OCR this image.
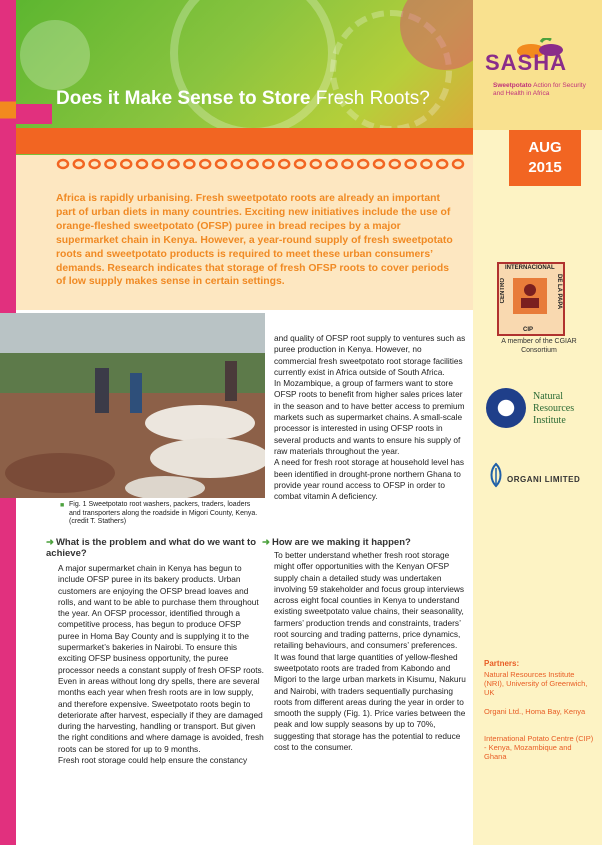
SASHA
Sweetpotato Action for Security and Health in Africa
Does it Make Sense to Store Fresh Roots?
AUG
2015
Africa is rapidly urbanising. Fresh sweetpotato roots are already an important part of urban diets in many countries. Exciting new initiatives include the use of orange-fleshed sweetpotato (OFSP) puree in bread recipes by a major supermarket chain in Kenya. However, a year-round supply of fresh sweetpotato roots and sweetpotato products is required to meet these urban consumers’ demands. Research indicates that storage of fresh OFSP roots to cover periods of low supply makes sense in certain settings.
■ Fig. 1 Sweetpotato root washers, packers, traders, loaders and transporters along the roadside in Migori County, Kenya. (credit T. Stathers)
➜ What is the problem and what do we want to achieve?

A major supermarket chain in Kenya has begun to include OFSP puree in its bakery products. Urban customers are enjoying the OFSP bread loaves and rolls, and want to be able to purchase them throughout the year. An OFSP processor, identified through a competitive process, has begun to produce OFSP puree in Homa Bay County and is supplying it to the supermarket’s bakeries in Nairobi. To ensure this exciting OFSP business opportunity, the puree processor needs a constant supply of fresh OFSP roots. Even in areas without long dry spells, there are several months each year when fresh roots are in low supply, and therefore expensive. Sweetpotato roots begin to deteriorate after harvest, especially if they are damaged during the harvesting, handling or transport. But given the right conditions and where damage is avoided, fresh roots can be stored for up to 9 months.

Fresh root storage could help ensure the constancy

and quality of OFSP root supply to ventures such as puree production in Kenya. However, no commercial fresh sweetpotato root storage facilities currently exist in Africa outside of South Africa.

In Mozambique, a group of farmers want to store OFSP roots to benefit from higher sales prices later in the season and to have better access to premium markets such as supermarket chains. A small-scale processor is interested in using OFSP roots in several products and wants to ensure his supply of raw materials throughout the year.

A need for fresh root storage at household level has been identified in drought-prone northern Ghana to provide year round access to OFSP in order to combat vitamin A deficiency.

➜ How are we making it happen?

To better understand whether fresh root storage might offer opportunities with the Kenyan OFSP supply chain a detailed study was undertaken involving 59 stakeholder and focus group interviews across eight focal counties in Kenya to understand existing sweetpotato value chains, their seasonality, farmers’ production trends and constraints, traders’ root sourcing and trading patterns, price dynamics, retailing behaviours, and consumers’ preferences.

It was found that large quantities of yellow-fleshed sweetpotato roots are traded from Kabondo and Migori to the large urban markets in Kisumu, Nakuru and Nairobi, with traders sequentially purchasing roots from different areas during the year in order to smooth the supply (Fig. 1). Price varies between the peak and low supply seasons by up to 70%, suggesting that storage has the potential to reduce cost to the consumer.

INTERNACIONAL
CENTRO	DE LA PAPA
CIP
A member of the CGIAR Consortium
Natural
Resources
Institute
ORGANI LIMITED
Partners:
Natural Resources Institute (NRI), University of Greenwich, UK
Organi Ltd., Homa Bay, Kenya
International Potato Centre (CIP) - Kenya, Mozambique and Ghana
